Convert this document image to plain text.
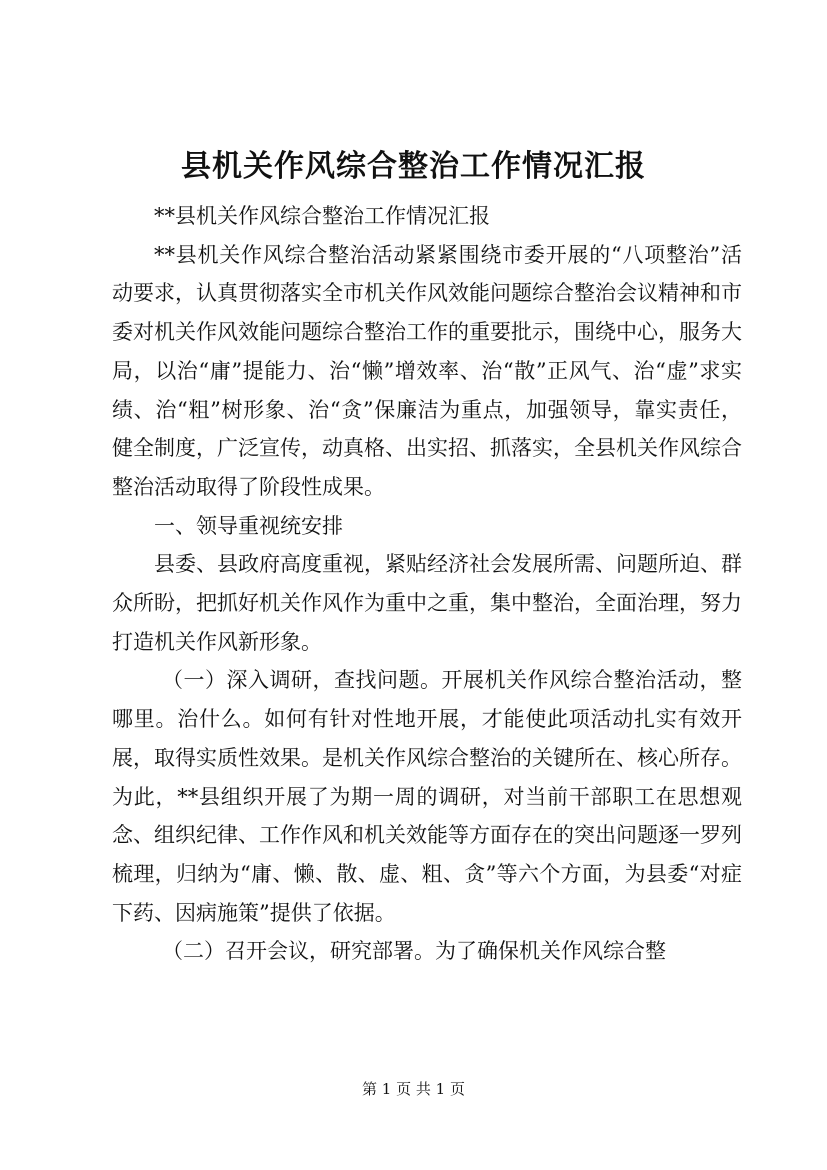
县机关作风综合整治工作情况汇报

**县机关作风综合整治工作情况汇报

**县机关作风综合整治活动紧紧围绕市委开展的“八项整治”活动要求，认真贯彻落实全市机关作风效能问题综合整治会议精神和市委对机关作风效能问题综合整治工作的重要批示，围绕中心，服务大局，以治“庸”提能力、治“懒”增效率、治“散”正风气、治“虚”求实绩、治“粗”树形象、治“贪”保廉洁为重点，加强领导，靠实责任，健全制度，广泛宣传，动真格、出实招、抓落实，全县机关作风综合整治活动取得了阶段性成果。

一、领导重视统安排

县委、县政府高度重视，紧贴经济社会发展所需、问题所迫、群众所盼，把抓好机关作风作为重中之重，集中整治，全面治理，努力打造机关作风新形象。

（一）深入调研，查找问题。开展机关作风综合整治活动，整哪里。治什么。如何有针对性地开展，才能使此项活动扎实有效开展，取得实质性效果。是机关作风综合整治的关键所在、核心所存。为此，**县组织开展了为期一周的调研，对当前干部职工在思想观念、组织纪律、工作作风和机关效能等方面存在的突出问题逐一罗列梳理，归纳为“庸、懒、散、虚、粗、贪”等六个方面，为县委“对症下药、因病施策”提供了依据。

（二）召开会议，研究部署。为了确保机关作风综合整

第 1 页 共 1 页
